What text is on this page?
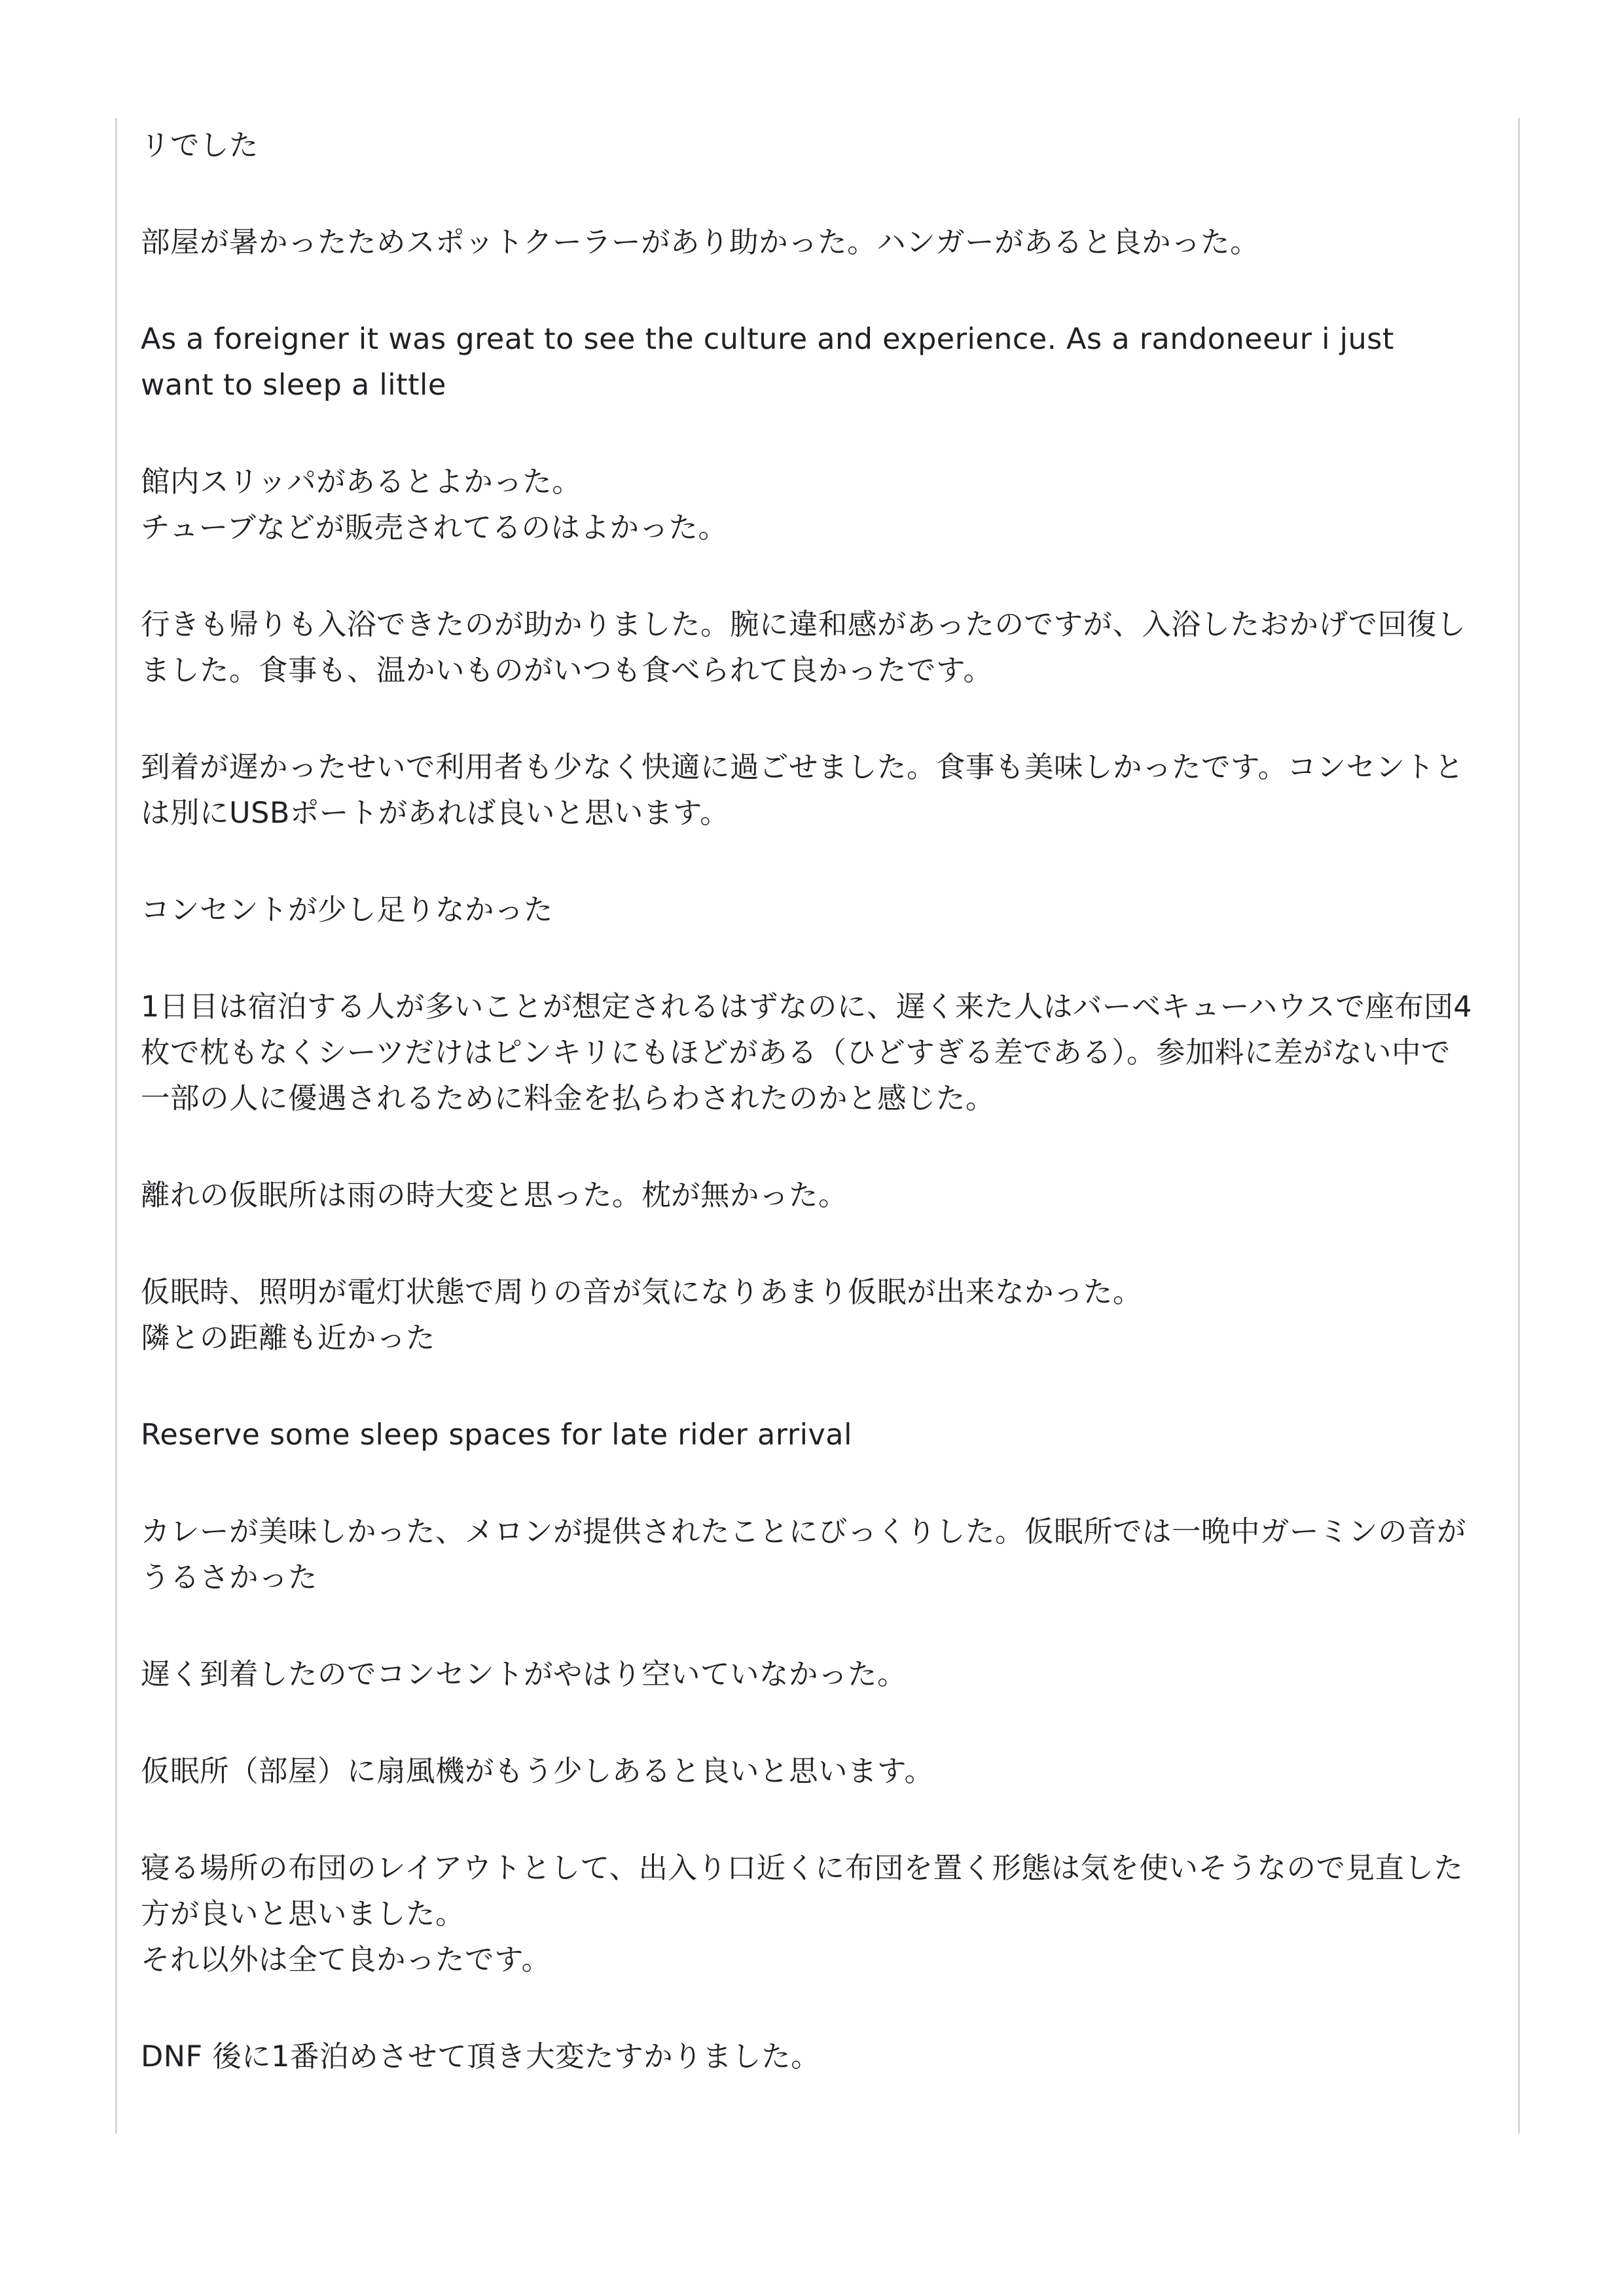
リでした
部屋が暑かったためスポットクーラーがあり助かった。ハンガーがあると良かった。
As a foreigner it was great to see the culture and experience. As a randoneeur i just want to sleep a little
館内スリッパがあるとよかった。
チューブなどが販売されてるのはよかった。
行きも帰りも入浴できたのが助かりました。腕に違和感があったのですが、入浴したおかげで回復しました。食事も、温かいものがいつも食べられて良かったです。
到着が遅かったせいで利用者も少なく快適に過ごせました。食事も美味しかったです。コンセントとは別にUSBポートがあれば良いと思います。
コンセントが少し足りなかった
1日目は宿泊する人が多いことが想定されるはずなのに、遅く来た人はバーベキューハウスで座布団4枚で枕もなくシーツだけはピンキリにもほどがある（ひどすぎる差である）。参加料に差がない中で一部の人に優遇されるために料金を払らわされたのかと感じた。
離れの仮眠所は雨の時大変と思った。枕が無かった。
仮眠時、照明が電灯状態で周りの音が気になりあまり仮眠が出来なかった。
隣との距離も近かった
Reserve some sleep spaces for late rider arrival
カレーが美味しかった、メロンが提供されたことにびっくりした。仮眠所では一晩中ガーミンの音がうるさかった
遅く到着したのでコンセントがやはり空いていなかった。
仮眠所（部屋）に扇風機がもう少しあると良いと思います。
寝る場所の布団のレイアウトとして、出入り口近くに布団を置く形態は気を使いそうなので見直した方が良いと思いました。
それ以外は全て良かったです。
DNF 後に1番泊めさせて頂き大変たすかりました。
